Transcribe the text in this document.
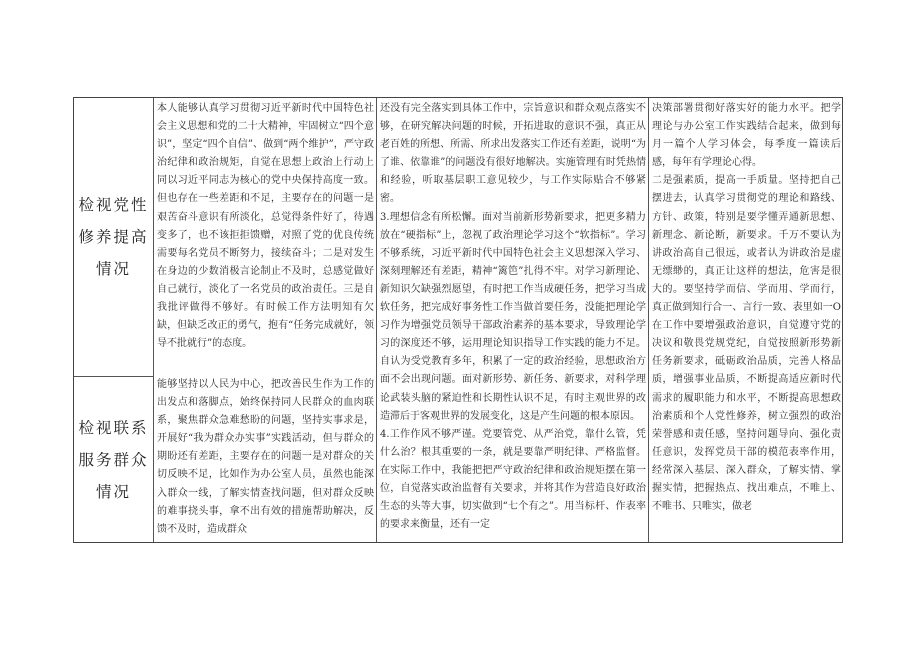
检视党性
修养提高
情况
检视联系
服务群众
情况

本人能够认真学习贯彻习近平新时代中国特色社会主义思想和党的二十大精神，牢固树立“四个意识”，坚定“四个自信”、做到“两个维护”，严守政治纪律和政治规矩，自觉在思想上政治上行动上同以习近平同志为核心的党中央保持高度一致。但也存在一些差距和不足，主要存在的问题一是艰苦奋斗意识有所淡化，总觉得条件好了，待遇变多了，也不该拒拒馈赠，对照了党的优良传统需要每名党员不断努力，接续奋斗；二是对发生在身边的少数消极言论制止不及时，总感觉做好自己就行，淡化了一名党员的政治责任。三是自我批评做得不够好。有时候工作方法明知有欠缺，但缺乏改正的勇气，抱有“任务完成就好，领导不批就行”的态度。

能够坚持以人民为中心，把改善民生作为工作的出发点和落脚点，始终保持同人民群众的血肉联系，聚焦群众急难愁盼的问题，坚持实事求是，开展好“我为群众办实事”实践活动，但与群众的期盼还有差距，主要存在的问题一是对群众的关切反映不足，比如作为办公室人员，虽然也能深入群众一线，了解实情查找问题，但对群众反映的难事挠头事，拿不出有效的措施帮助解决，反馈不及时，造成群众

还没有完全落实到具体工作中，宗旨意识和群众观点落实不够，在研究解决问题的时候，开拓进取的意识不强，真正从老百姓的所想、所需、所求出发落实工作还有差距，说明“为了谁、依靠谁”的问题没有很好地解决。实施管理有时凭热情和经验，听取基层职工意见较少，与工作实际贴合不够紧密。

3.理想信念有所松懈。面对当前新形势新要求，把更多精力放在“硬指标”上，忽视了政治理论学习这个“软指标”。学习不够系统，习近平新时代中国特色社会主义思想深入学习、深刻理解还有差距，精神“篱笆”扎得不牢。对学习新理论、新知识欠缺强烈愿望，有时把工作当成硬任务，把学习当成软任务，把完成好事务性工作当做首要任务，没能把理论学习作为增强党员领导干部政治素养的基本要求，导致理论学习的深度还不够，运用理论知识指导工作实践的能力不足。自认为受党教育多年，积累了一定的政治经验，思想政治方面不会出现问题。面对新形势、新任务、新要求，对科学理论武装头脑的紧迫性和长期性认识不足，有时主观世界的改造滞后于客观世界的发展变化，这是产生问题的根本原因。

4.工作作风不够严谨。党要管党、从严治党，靠什么管，凭什么治？根其重要的一条，就是要靠严明纪律、严格监督。在实际工作中，我能把把严守政治纪律和政治规矩摆在第一位，自觉落实政治监督有关要求，并将其作为营造良好政治生态的头等大事，切实做到“七个有之”。用当标杆、作表率的要求来衡量，还有一定

决策部署贯彻好落实好的能力水平。把学理论与办公室工作实践结合起来，做到每月一篇个人学习体会，每季度一篇读后感，每年有学理论心得。

二是强素质，提高一手质量。坚持把自己摆进去，认真学习贯彻党的理论和路线、方针、政策，特别是要学懂弄通新思想、新理念、新论断，新要求。千万不要认为讲政治高自己很远，或者认为讲政治是虚无缥缈的，真正让这样的想法，危害是很大的。要坚持学而信、学而用、学而行，真正做到知行合一、言行一致、表里如一O在工作中要增强政治意识，自觉遵守党的决议和敬畏党规党纪，自觉按照新形势新任务新要求，砥砺政治品质，完善人格品质，增强事业品质，不断提高适应新时代需求的履职能力和水平，不断提高思想政治素质和个人党性修养，树立强烈的政治荣誉感和责任感，坚持问题导向、强化责任意识，发挥党员干部的模范表率作用，经常深入基层、深入群众，了解实情、掌握实情，把握热点、找出难点，不唯上、不唯书、只唯实，做老
